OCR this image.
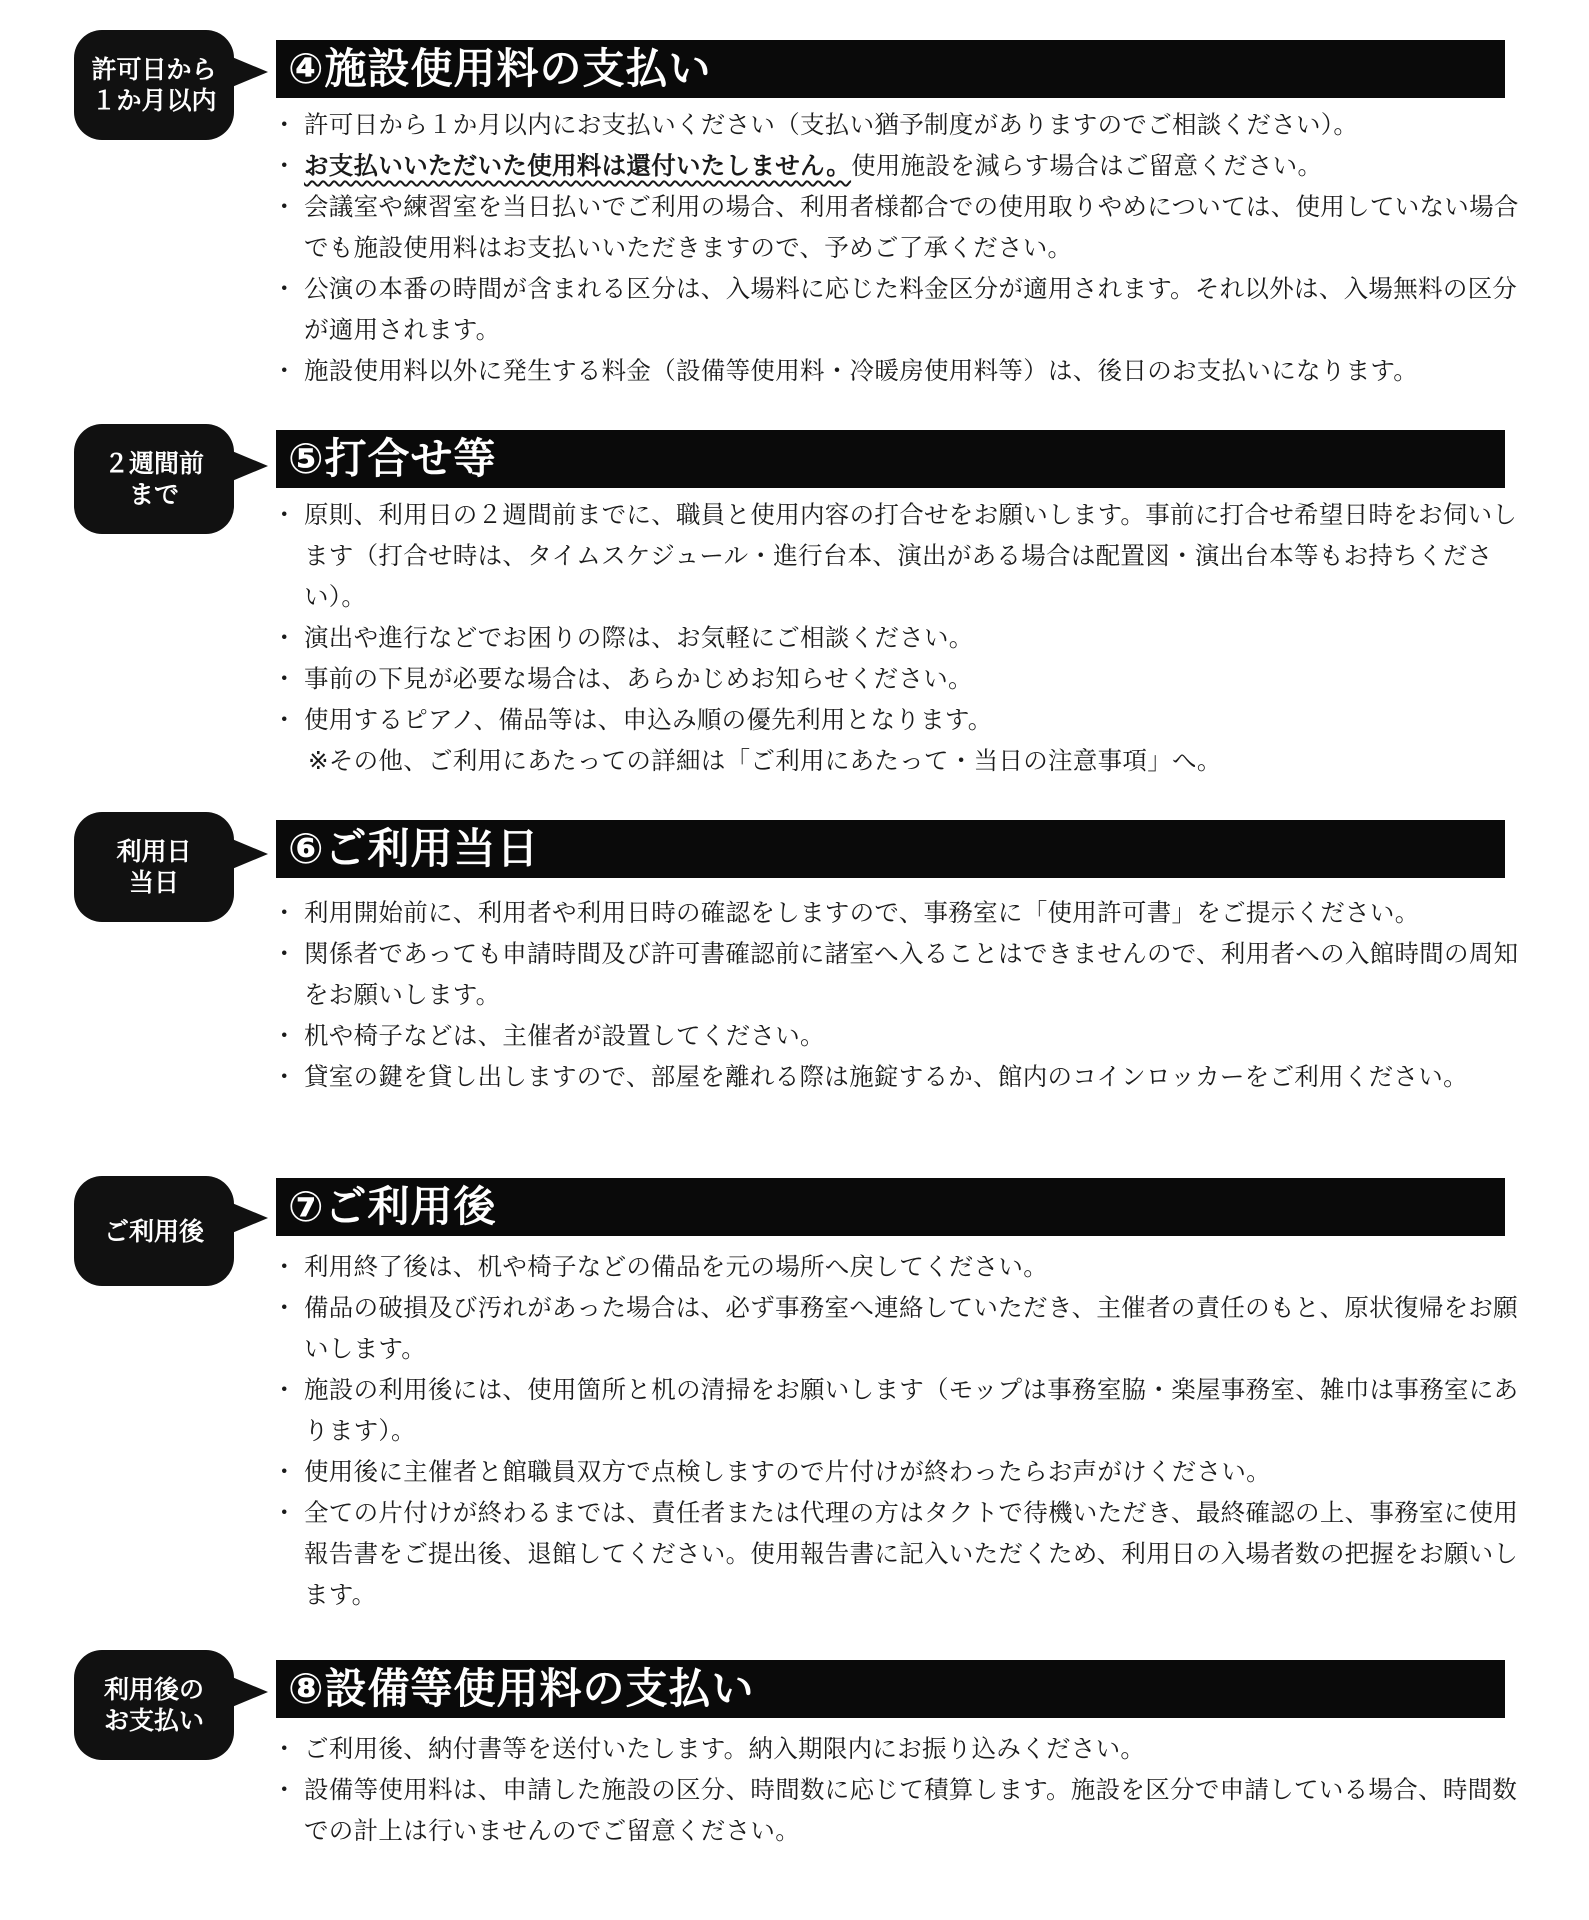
許可日から
１か月以内
④施設使用料の支払い
・ 許可日から１か月以内にお支払いください（支払い猶予制度がありますのでご相談ください）。
・ お支払いいただいた使用料は還付いたしません。使用施設を減らす場合はご留意ください。
・ 会議室や練習室を当日払いでご利用の場合、利用者様都合での使用取りやめについては、使用していない場合でも施設使用料はお支払いいただきますので、予めご了承ください。
・ 公演の本番の時間が含まれる区分は、入場料に応じた料金区分が適用されます。それ以外は、入場無料の区分が適用されます。
・ 施設使用料以外に発生する料金（設備等使用料・冷暖房使用料等）は、後日のお支払いになります。
２週間前
まで
⑤打合せ等
・ 原則、利用日の２週間前までに、職員と使用内容の打合せをお願いします。事前に打合せ希望日時をお伺いします（打合せ時は、タイムスケジュール・進行台本、演出がある場合は配置図・演出台本等もお持ちください）。
・ 演出や進行などでお困りの際は、お気軽にご相談ください。
・ 事前の下見が必要な場合は、あらかじめお知らせください。
・ 使用するピアノ、備品等は、申込み順の優先利用となります。
※その他、ご利用にあたっての詳細は「ご利用にあたって・当日の注意事項」へ。
利用日
当日
⑥ご利用当日
・ 利用開始前に、利用者や利用日時の確認をしますので、事務室に「使用許可書」をご提示ください。
・ 関係者であっても申請時間及び許可書確認前に諸室へ入ることはできませんので、利用者への入館時間の周知をお願いします。
・ 机や椅子などは、主催者が設置してください。
・ 貸室の鍵を貸し出しますので、部屋を離れる際は施錠するか、館内のコインロッカーをご利用ください。
ご利用後 ⑦ご利用後
・ 利用終了後は、机や椅子などの備品を元の場所へ戻してください。
・ 備品の破損及び汚れがあった場合は、必ず事務室へ連絡していただき、主催者の責任のもと、原状復帰をお願いします。
・ 施設の利用後には、使用箇所と机の清掃をお願いします（モップは事務室脇・楽屋事務室、雑巾は事務室にあります）。
・ 使用後に主催者と館職員双方で点検しますので片付けが終わったらお声がけください。
・ 全ての片付けが終わるまでは、責任者または代理の方はタクトで待機いただき、最終確認の上、事務室に使用報告書をご提出後、退館してください。使用報告書に記入いただくため、利用日の入場者数の把握をお願いします。
利用後の
お支払い
⑧設備等使用料の支払い
・ ご利用後、納付書等を送付いたします。納入期限内にお振り込みください。
・ 設備等使用料は、申請した施設の区分、時間数に応じて積算します。施設を区分で申請している場合、時間数での計上は行いませんのでご留意ください。
